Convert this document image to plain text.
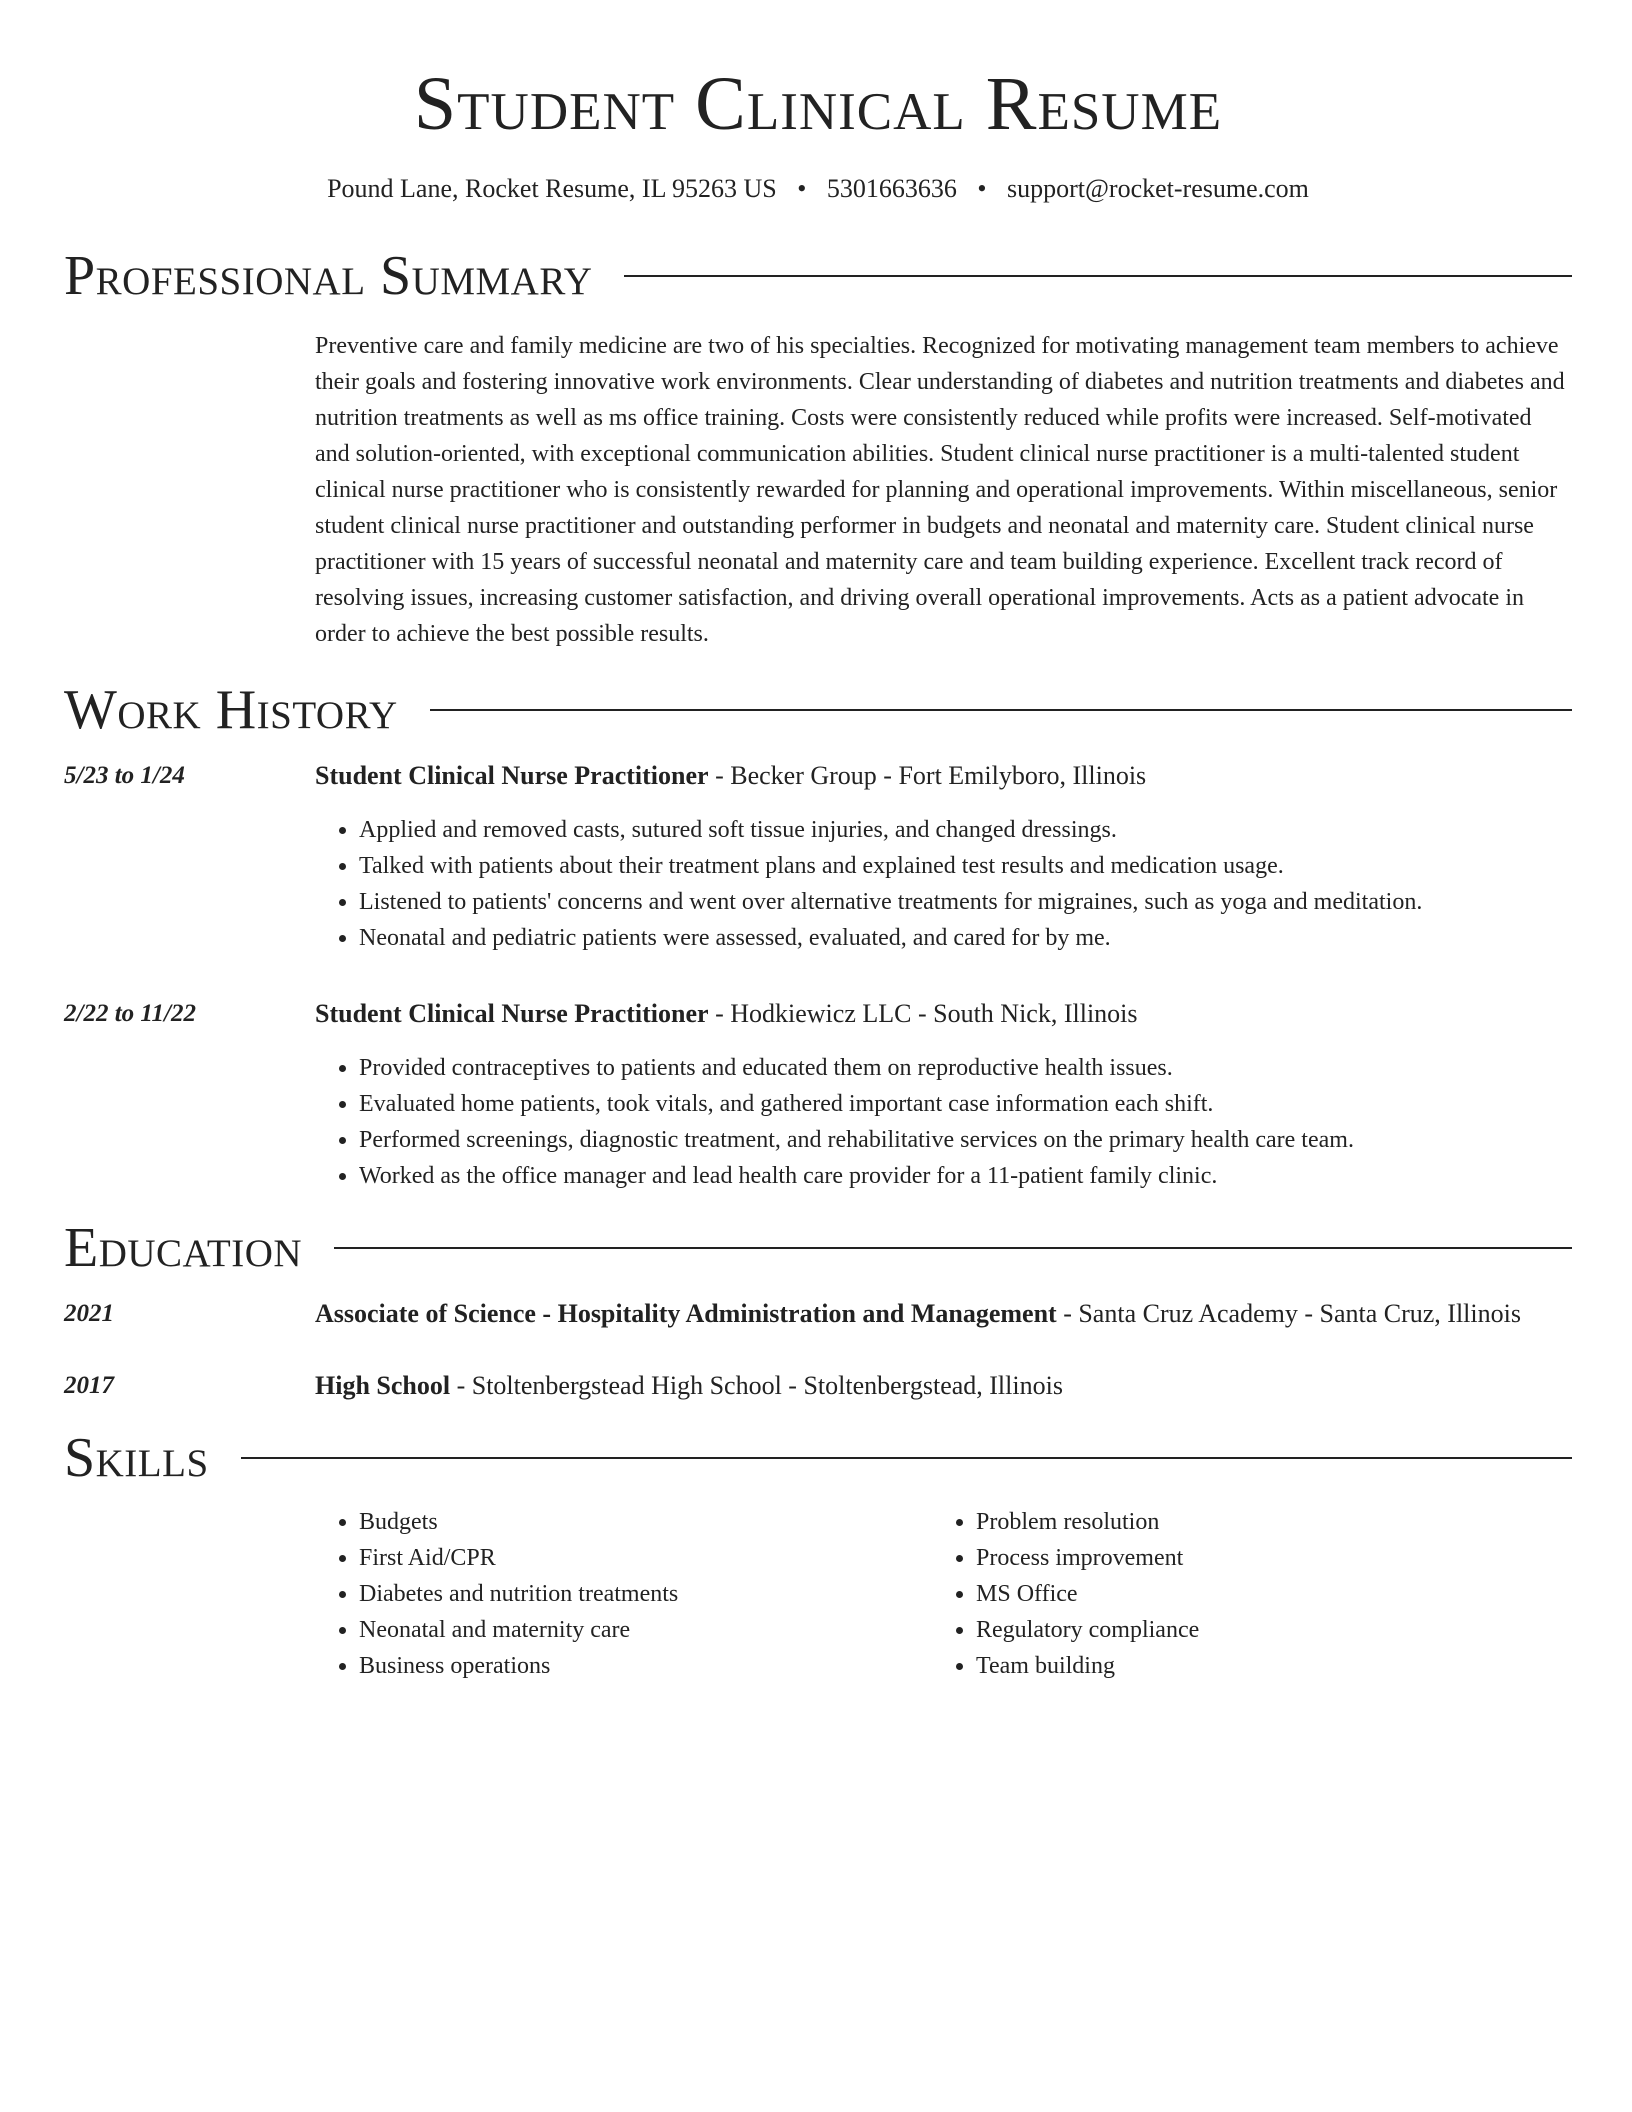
Student Clinical Resume
Pound Lane, Rocket Resume, IL 95263 US • 5301663636 • support@rocket-resume.com
Professional Summary
Preventive care and family medicine are two of his specialties. Recognized for motivating management team members to achieve their goals and fostering innovative work environments. Clear understanding of diabetes and nutrition treatments and diabetes and nutrition treatments as well as ms office training. Costs were consistently reduced while profits were increased. Self-motivated and solution-oriented, with exceptional communication abilities. Student clinical nurse practitioner is a multi-talented student clinical nurse practitioner who is consistently rewarded for planning and operational improvements. Within miscellaneous, senior student clinical nurse practitioner and outstanding performer in budgets and neonatal and maternity care. Student clinical nurse practitioner with 15 years of successful neonatal and maternity care and team building experience. Excellent track record of resolving issues, increasing customer satisfaction, and driving overall operational improvements. Acts as a patient advocate in order to achieve the best possible results.
Work History
5/23 to 1/24	Student Clinical Nurse Practitioner - Becker Group - Fort Emilyboro, Illinois
• Applied and removed casts, sutured soft tissue injuries, and changed dressings.
• Talked with patients about their treatment plans and explained test results and medication usage.
• Listened to patients' concerns and went over alternative treatments for migraines, such as yoga and meditation.
• Neonatal and pediatric patients were assessed, evaluated, and cared for by me.
2/22 to 11/22	Student Clinical Nurse Practitioner - Hodkiewicz LLC - South Nick, Illinois
• Provided contraceptives to patients and educated them on reproductive health issues.
• Evaluated home patients, took vitals, and gathered important case information each shift.
• Performed screenings, diagnostic treatment, and rehabilitative services on the primary health care team.
• Worked as the office manager and lead health care provider for a 11-patient family clinic.
Education
2021	Associate of Science - Hospitality Administration and Management - Santa Cruz Academy - Santa Cruz, Illinois
2017	High School - Stoltenbergstead High School - Stoltenbergstead, Illinois
Skills
• Budgets
• First Aid/CPR
• Diabetes and nutrition treatments
• Neonatal and maternity care
• Business operations
• Problem resolution
• Process improvement
• MS Office
• Regulatory compliance
• Team building
